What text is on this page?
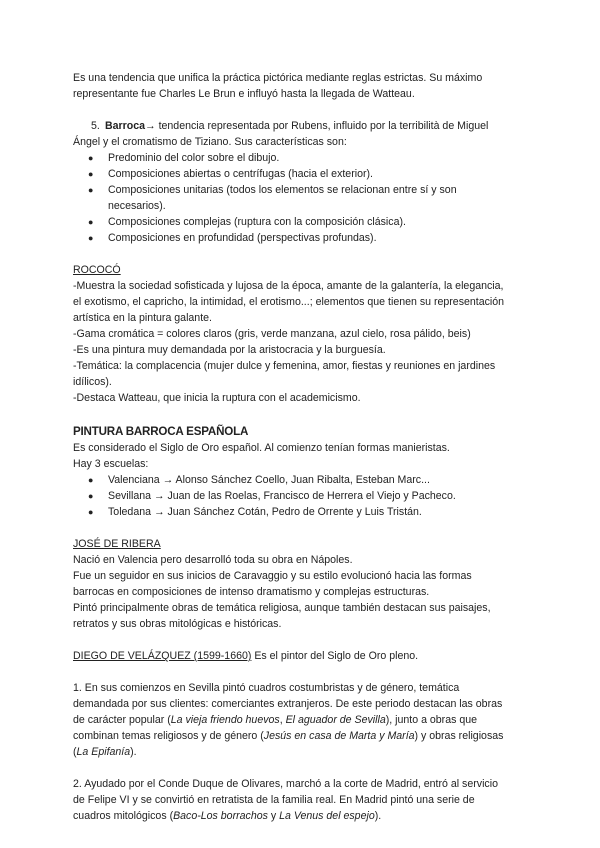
Es una tendencia que unifica la práctica pictórica mediante reglas estrictas. Su máximo

representante fue Charles Le Brun e influyó hasta la llegada de Watteau.

5. Barroca→ tendencia representada por Rubens, influido por la terribilità de Miguel

Ángel y el cromatismo de Tiziano. Sus características son:

● Predominio del color sobre el dibujo.
● Composiciones abiertas o centrífugas (hacia el exterior).
● Composiciones unitarias (todos los elementos se relacionan entre sí y son
necesarios).
● Composiciones complejas (ruptura con la composición clásica).
● Composiciones en profundidad (perspectivas profundas).

ROCOCÓ

-Muestra la sociedad sofisticada y lujosa de la época, amante de la galantería, la elegancia,

el exotismo, el capricho, la intimidad, el erotismo...; elementos que tienen su representación

artística en la pintura galante.

-Gama cromática = colores claros (gris, verde manzana, azul cielo, rosa pálido, beis)

-Es una pintura muy demandada por la aristocracia y la burguesía.

-Temática: la complacencia (mujer dulce y femenina, amor, fiestas y reuniones en jardines

idílicos).

-Destaca Watteau, que inicia la ruptura con el academicismo.

PINTURA BARROCA ESPAÑOLA

Es considerado el Siglo de Oro español. Al comienzo tenían formas manieristas.

Hay 3 escuelas:

● Valenciana → Alonso Sánchez Coello, Juan Ribalta, Esteban Marc...
● Sevillana → Juan de las Roelas, Francisco de Herrera el Viejo y Pacheco.
● Toledana → Juan Sánchez Cotán, Pedro de Orrente y Luis Tristán.

JOSÉ DE RIBERA

Nació en Valencia pero desarrolló toda su obra en Nápoles.

Fue un seguidor en sus inicios de Caravaggio y su estilo evolucionó hacia las formas

barrocas en composiciones de intenso dramatismo y complejas estructuras.

Pintó principalmente obras de temática religiosa, aunque también destacan sus paisajes,

retratos y sus obras mitológicas e históricas.

DIEGO DE VELÁZQUEZ (1599-1660) Es el pintor del Siglo de Oro pleno.

1. En sus comienzos en Sevilla pintó cuadros costumbristas y de género, temática

demandada por sus clientes: comerciantes extranjeros. De este periodo destacan las obras

de carácter popular (La vieja friendo huevos, El aguador de Sevilla), junto a obras que

combinan temas religiosos y de género (Jesús en casa de Marta y María) y obras religiosas

(La Epifanía).

2. Ayudado por el Conde Duque de Olivares, marchó a la corte de Madrid, entró al servicio

de Felipe VI y se convirtió en retratista de la familia real. En Madrid pintó una serie de

cuadros mitológicos (Baco-Los borrachos y La Venus del espejo).
